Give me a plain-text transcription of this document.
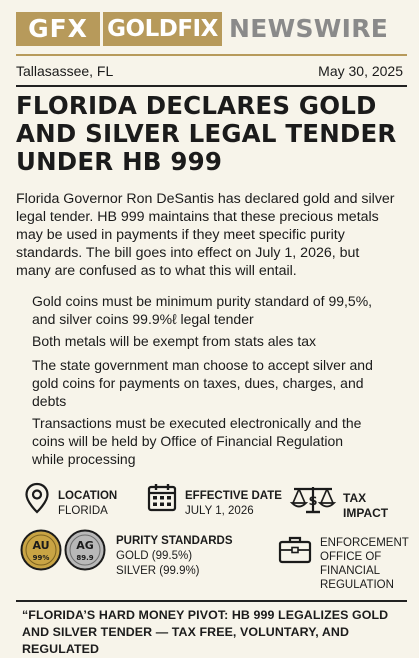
GFX GOLDFIX NEWSWIRE
Tallasassee, FL	May 30, 2025
FLORIDA DECLARES GOLD
AND SILVER LEGAL TENDER
UNDER HB 999
Florida Governor Ron DeSantis has declared gold and silver
legal tender. HB 999 maintains that these precious metals
may be used in payments if they meet specific purity
standards. The bill goes into effect on July 1, 2026, but
many are confused as to what this will entail.
Gold coins must be minimum purity standard of 99,5%,
and silver coins 99.9%ℓ legal tender
Both metals will be exempt from stats ales tax
The state government man choose to accept silver and
gold coins for payments on taxes, dues, charges, and
debts
Transactions must be executed electronically and the
coins will be held by Office of Financial Regulation
while processing
LOCATION
FLORIDA
EFFECTIVE DATE
JULY 1, 2026
$ TAX
IMPACT
AU
99%
AG
89.9
PURITY STANDARDS
GOLD (99.5%)
SILVER (99.9%)
ENFORCEMENT
OFFICE OF
FINANCIAL
REGULATION
“FLORIDA’S HARD MONEY PIVOT: HB 999 LEGALIZES GOLD
AND SILVER TENDER — TAX FREE, VOLUNTARY, AND REGULATED
